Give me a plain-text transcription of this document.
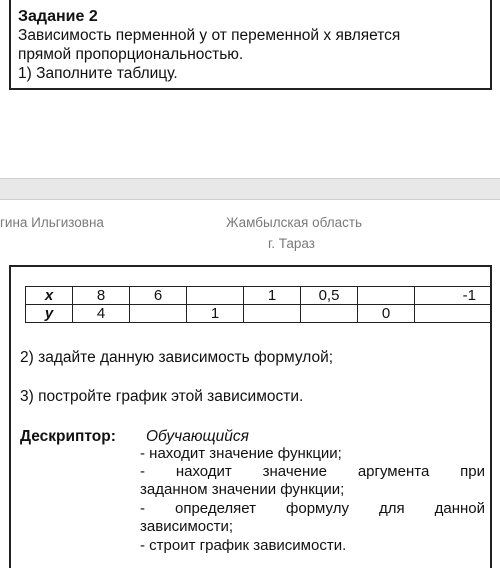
Задание 2
Зависимость перменной у от переменной х является
прямой пропорциональностью.
1) Заполните таблицу.
гина Ильгизовна	Жамбылская область
г. Тараз
x	8	6		1	0,5		-1
y	4		1			0	
2) задайте данную зависимость формулой;
3) постройте график этой зависимости.
Дескриптор: Обучающийся
- находит значение функции;
- находит значение аргумента при
заданном значении функции;
- определяет формулу для данной
зависимости;
- строит график зависимости.
